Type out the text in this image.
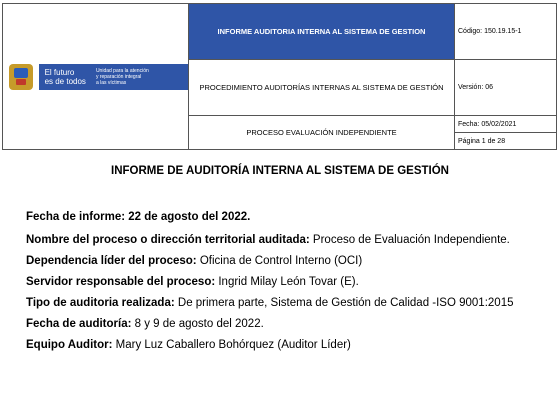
El futuro
es de todos
Unidad para la atención
y reparación integral
a las víctimas	INFORME AUDITORIA INTERNA AL SISTEMA DE GESTION	Código: 150.19.15-1
	PROCEDIMIENTO AUDITORÍAS INTERNAS AL SISTEMA DE GESTIÓN	Versión: 06
	PROCESO EVALUACIÓN INDEPENDIENTE	Fecha: 05/02/2021
		Página 1 de 28
INFORME DE AUDITORÍA INTERNA AL SISTEMA DE GESTIÓN

Fecha de informe: 22 de agosto del 2022.

Nombre del proceso o dirección territorial auditada: Proceso de Evaluación Independiente.

Dependencia líder del proceso: Oficina de Control Interno (OCI)

Servidor responsable del proceso: Ingrid Milay León Tovar (E).

Tipo de auditoria realizada: De primera parte, Sistema de Gestión de Calidad -ISO 9001:2015

Fecha de auditoría: 8 y 9 de agosto del 2022.

Equipo Auditor: Mary Luz Caballero Bohórquez (Auditor Líder)
